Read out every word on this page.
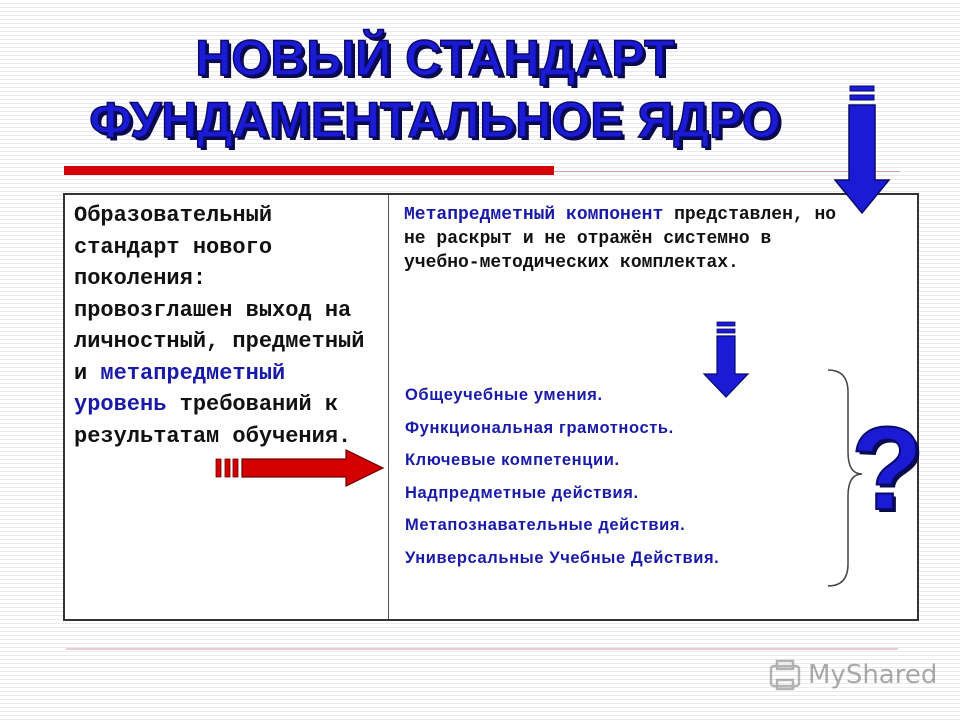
НОВЫЙ СТАНДАРТ
ФУНДАМЕНТАЛЬНОЕ ЯДРО
Образовательный стандарт нового поколения: провозглашен выход на личностный, предметный и метапредметный уровень требований к результатам обучения.
Метапредметный компонент представлен, но не раскрыт и не отражён системно в учебно-методических комплектах.
Общеучебные умения.
Функциональная грамотность.
Ключевые компетенции.
Надпредметные действия.
Метапознавательные действия.
Универсальные Учебные Действия.
?
MyShared
